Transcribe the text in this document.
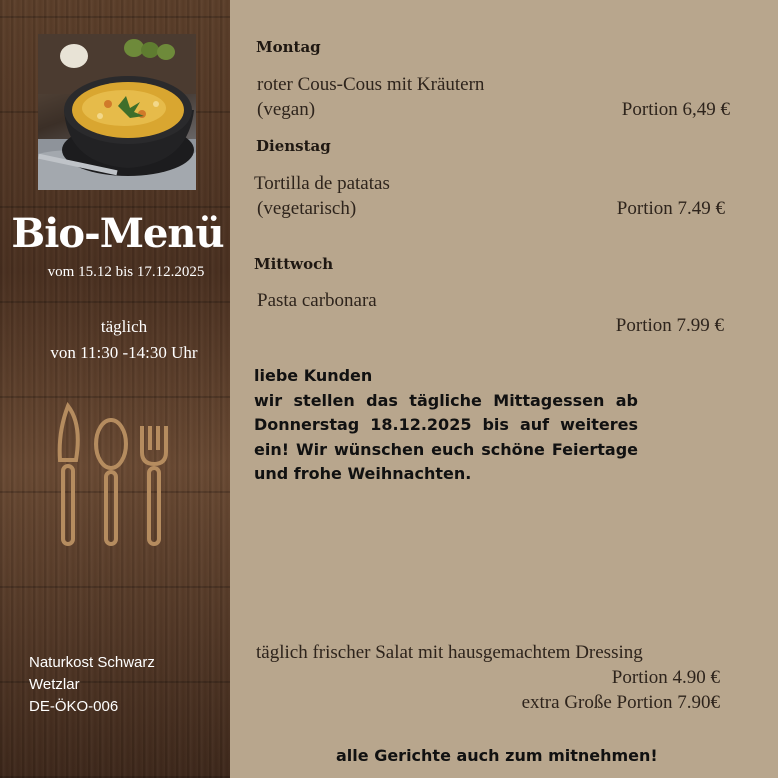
Bio-Menü
vom 15.12 bis 17.12.2025
täglich
von 11:30 -14:30 Uhr
Naturkost Schwarz
Wetzlar
DE-ÖKO-006
Montag
roter Cous-Cous mit Kräutern
(vegan)	Portion 6,49 €
Dienstag
Tortilla de patatas
(vegetarisch)	Portion 7.49 €
Mittwoch
Pasta carbonara
Portion 7.99 €
liebe Kunden
wir stellen das tägliche Mittagessen ab Donnerstag 18.12.2025 bis auf weiteres ein! Wir wünschen euch schöne Feiertage und frohe Weihnachten.
täglich frischer Salat mit hausgemachtem Dressing
Portion 4.90 €
extra Große Portion 7.90€
alle Gerichte auch zum mitnehmen!
